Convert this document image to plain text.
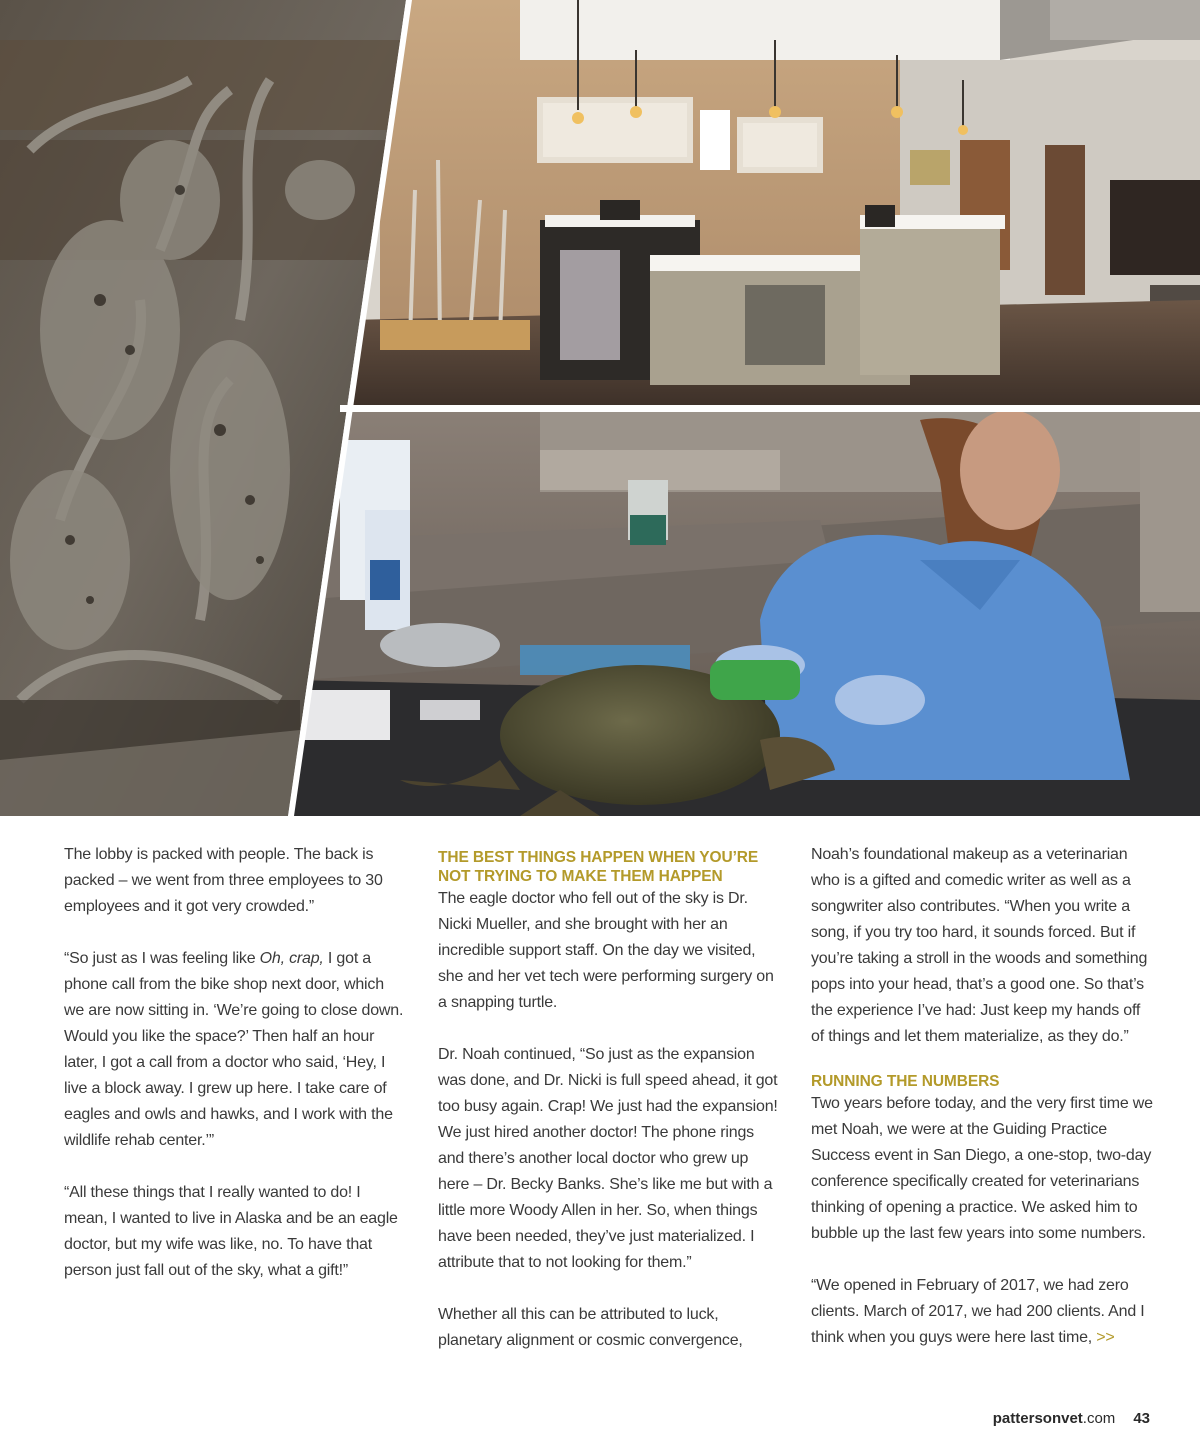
The lobby is packed with people. The back is packed – we went from three employees to 30 employees and it got very crowded.”

“So just as I was feeling like Oh, crap, I got a phone call from the bike shop next door, which we are now sitting in. ‘We’re going to close down. Would you like the space?’ Then half an hour later, I got a call from a doctor who said, ‘Hey, I live a block away. I grew up here. I take care of eagles and owls and hawks, and I work with the wildlife rehab center.’”

“All these things that I really wanted to do! I mean, I wanted to live in Alaska and be an eagle doctor, but my wife was like, no. To have that person just fall out of the sky, what a gift!”

THE BEST THINGS HAPPEN WHEN YOU’RE NOT TRYING TO MAKE THEM HAPPEN

The eagle doctor who fell out of the sky is Dr. Nicki Mueller, and she brought with her an incredible support staff. On the day we visited, she and her vet tech were performing surgery on a snapping turtle.

Dr. Noah continued, “So just as the expansion was done, and Dr. Nicki is full speed ahead, it got too busy again. Crap! We just had the expansion! We just hired another doctor! The phone rings and there’s another local doctor who grew up here – Dr. Becky Banks. She’s like me but with a little more Woody Allen in her. So, when things have been needed, they’ve just materialized. I attribute that to not looking for them.”

Whether all this can be attributed to luck, planetary alignment or cosmic convergence,

Noah’s foundational makeup as a veterinarian who is a gifted and comedic writer as well as a songwriter also contributes. “When you write a song, if you try too hard, it sounds forced. But if you’re taking a stroll in the woods and something pops into your head, that’s a good one. So that’s the experience I’ve had: Just keep my hands off of things and let them materialize, as they do.”

RUNNING THE NUMBERS

Two years before today, and the very first time we met Noah, we were at the Guiding Practice Success event in San Diego, a one-stop, two-day conference specifically created for veterinarians thinking of opening a practice. We asked him to bubble up the last few years into some numbers.

“We opened in February of 2017, we had zero clients. March of 2017, we had 200 clients. And I think when you guys were here last time, >>

pattersonvet.com 43
